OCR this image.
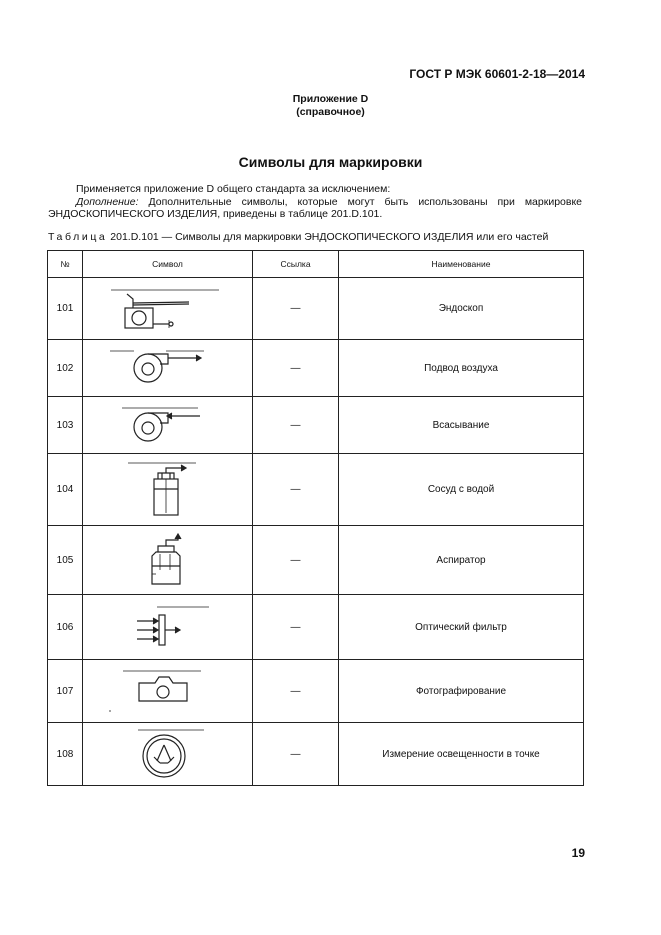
ГОСТ Р МЭК 60601-2-18—2014
Приложение D
(справочное)
Символы для маркировки

Применяется приложение D общего стандарта за исключением:

Дополнение: Дополнительные символы, которые могут быть использованы при маркировке ЭНДОСКОПИЧЕСКОГО ИЗДЕЛИЯ, приведены в таблице 201.D.101.

Таблица 201.D.101 — Символы для маркировки ЭНДОСКОПИЧЕСКОГО ИЗДЕЛИЯ или его частей
№	Символ	Ссылка	Наименование
101		—	Эндоскоп
102		—	Подвод воздуха
103		—	Всасывание
104		—	Сосуд с водой
105		—	Аспиратор
106		—	Оптический фильтр
107		—	Фотографирование
108		—	Измерение освещенности в точке
19
